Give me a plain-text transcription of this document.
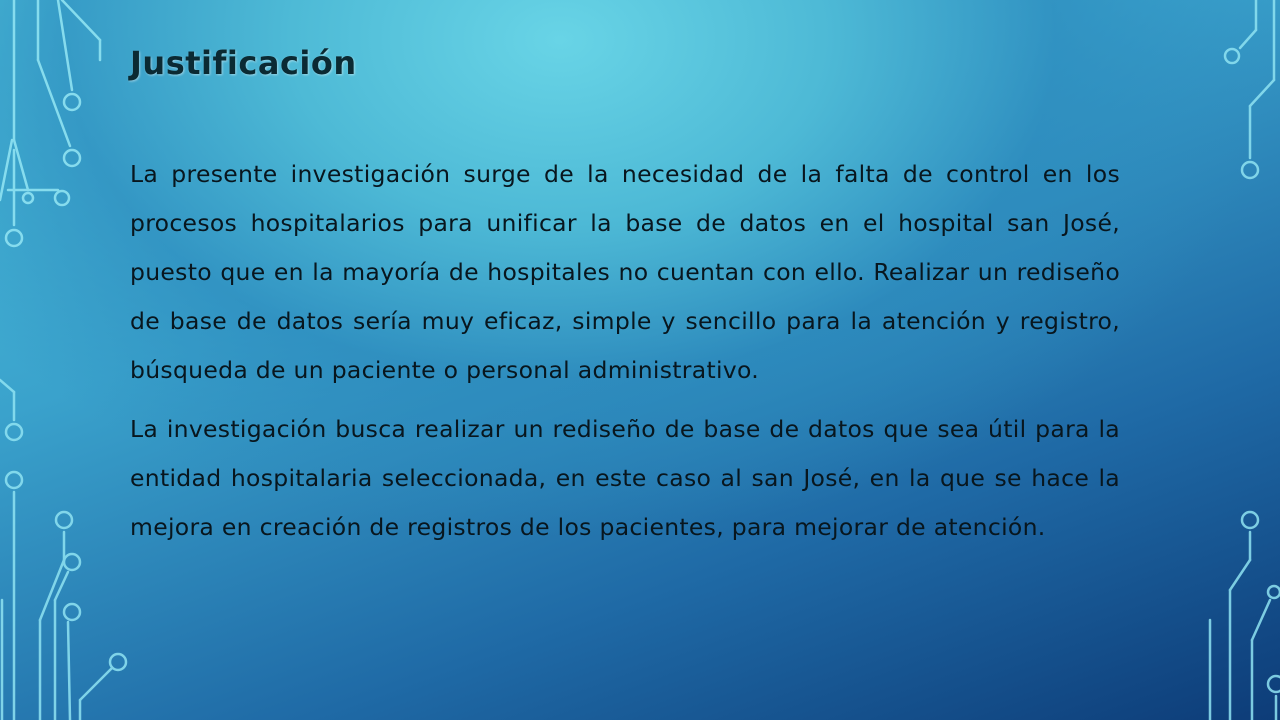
Justificación

La presente investigación surge de la necesidad de la falta de control en los procesos hospitalarios para unificar la base de datos en el hospital san José, puesto que en la mayoría de hospitales no cuentan con ello. Realizar un rediseño de base de datos sería muy eficaz, simple y sencillo para la atención y registro, búsqueda de un paciente o personal administrativo.

La investigación busca realizar un rediseño de base de datos que sea útil para la entidad hospitalaria seleccionada, en este caso al san José, en la que se hace la mejora en creación de registros de los pacientes, para mejorar de atención.
